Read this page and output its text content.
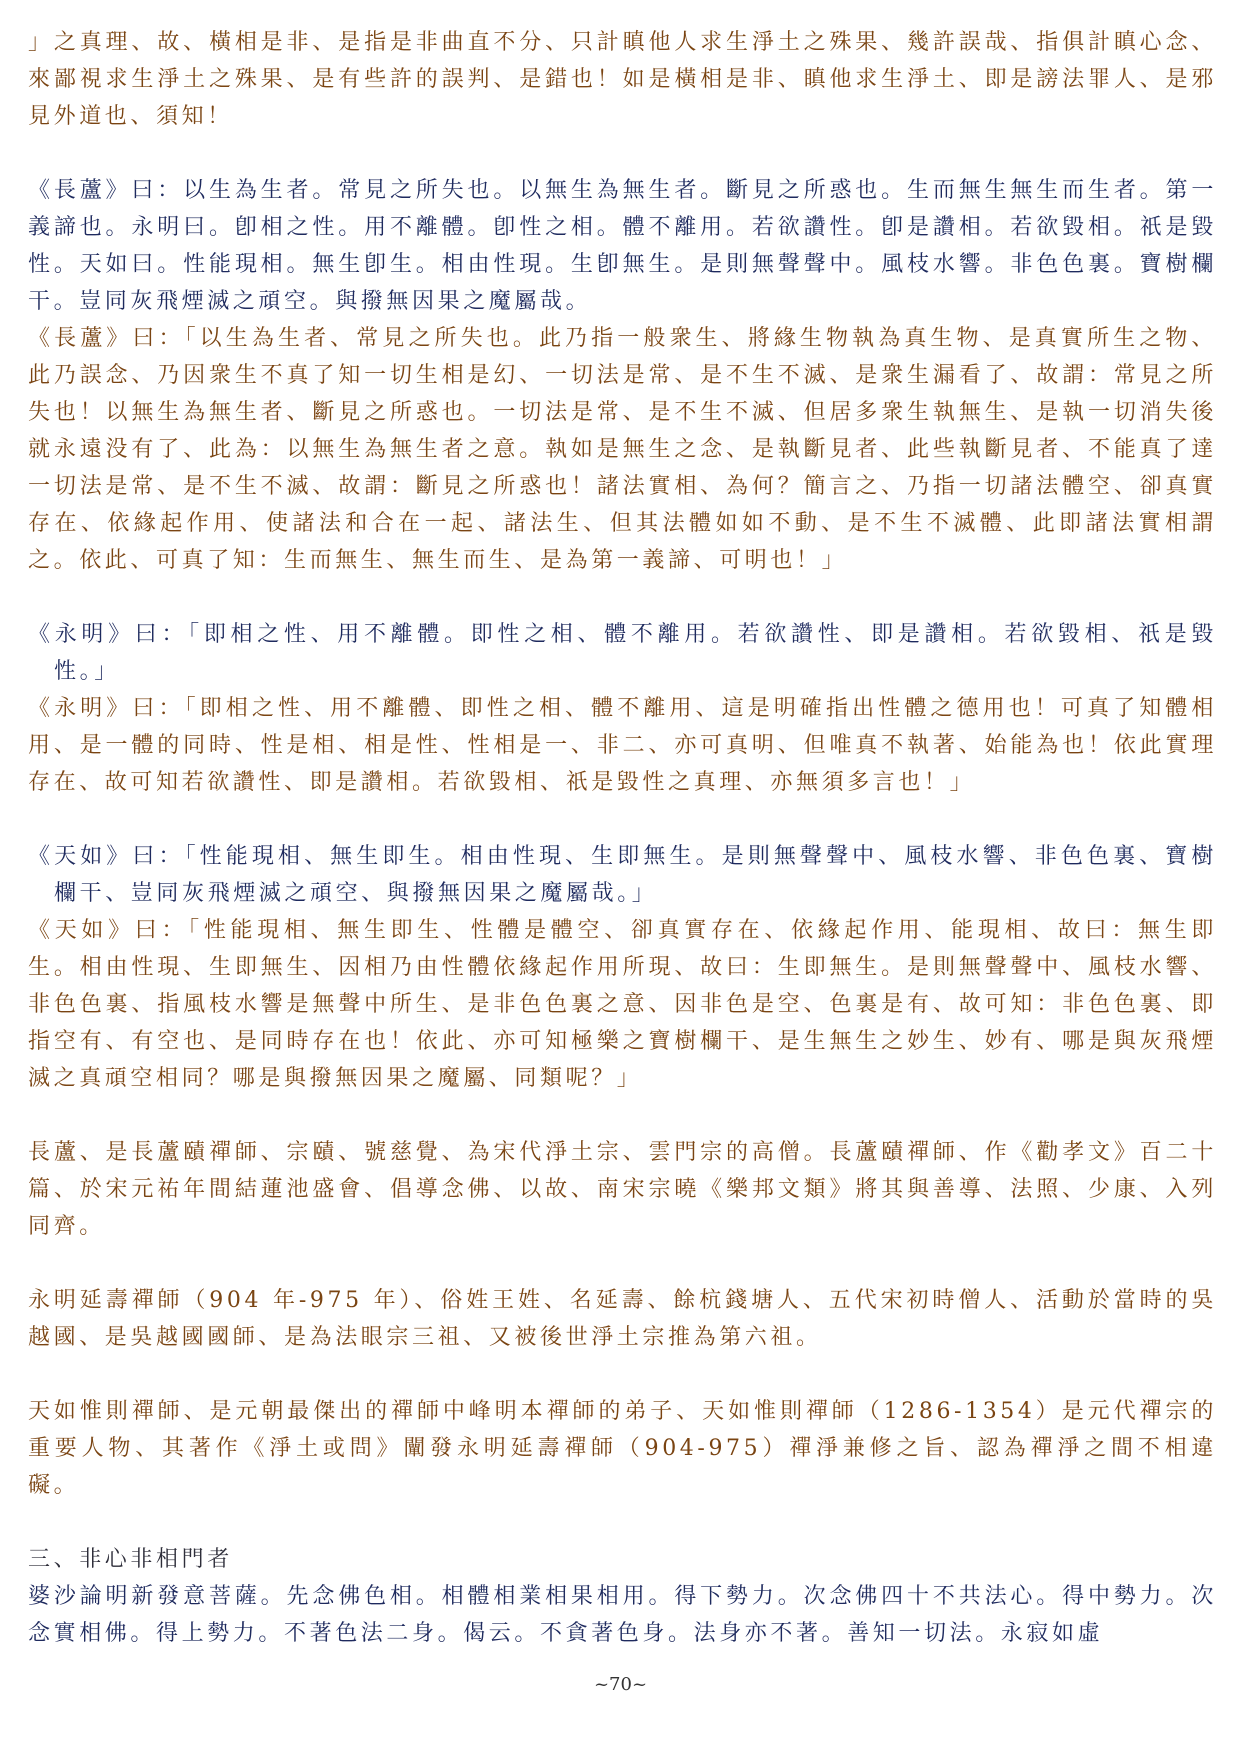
」之真理、故、橫相是非、是指是非曲直不分、只計瞋他人求生淨土之殊果、幾許誤哉、指俱計瞋心念、來鄙視求生淨土之殊果、是有些許的誤判、是錯也！如是橫相是非、瞋他求生淨土、即是謗法罪人、是邪見外道也、須知！

《長蘆》曰：以生為生者。常見之所失也。以無生為無生者。斷見之所惑也。生而無生無生而生者。第一義諦也。永明曰。卽相之性。用不離體。卽性之相。體不離用。若欲讚性。卽是讚相。若欲毀相。祇是毀性。天如曰。性能現相。無生卽生。相由性現。生卽無生。是則無聲聲中。風枝水響。非色色裏。寶樹欄干。豈同灰飛煙滅之頑空。與撥無因果之魔屬哉。

《長蘆》曰：「以生為生者、常見之所失也。此乃指一般衆生、將緣生物執為真生物、是真實所生之物、此乃誤念、乃因衆生不真了知一切生相是幻、一切法是常、是不生不滅、是衆生漏看了、故謂：常見之所失也！以無生為無生者、斷見之所惑也。一切法是常、是不生不滅、但居多衆生執無生、是執一切消失後就永遠没有了、此為：以無生為無生者之意。執如是無生之念、是執斷見者、此些執斷見者、不能真了達一切法是常、是不生不滅、故謂：斷見之所惑也！諸法實相、為何？簡言之、乃指一切諸法體空、卻真實存在、依緣起作用、使諸法和合在一起、諸法生、但其法體如如不動、是不生不滅體、此即諸法實相謂之。依此、可真了知：生而無生、無生而生、是為第一義諦、可明也！」

《永明》曰：「即相之性、用不離體。即性之相、體不離用。若欲讚性、即是讚相。若欲毀相、祇是毀性。」

《永明》曰：「即相之性、用不離體、即性之相、體不離用、這是明確指出性體之德用也！可真了知體相用、是一體的同時、性是相、相是性、性相是一、非二、亦可真明、但唯真不執著、始能為也！依此實理存在、故可知若欲讚性、即是讚相。若欲毀相、祇是毀性之真理、亦無須多言也！」

《天如》曰：「性能現相、無生即生。相由性現、生即無生。是則無聲聲中、風枝水響、非色色裏、寶樹欄干、豈同灰飛煙滅之頑空、與撥無因果之魔屬哉。」

《天如》曰：「性能現相、無生即生、性體是體空、卻真實存在、依緣起作用、能現相、故曰：無生即生。相由性現、生即無生、因相乃由性體依緣起作用所現、故曰：生即無生。是則無聲聲中、風枝水響、非色色裏、指風枝水響是無聲中所生、是非色色裏之意、因非色是空、色裏是有、故可知：非色色裏、即指空有、有空也、是同時存在也！依此、亦可知極樂之寶樹欄干、是生無生之妙生、妙有、哪是與灰飛煙滅之真頑空相同？哪是與撥無因果之魔屬、同類呢？」

長蘆、是長蘆賾禪師、宗賾、號慈覺、為宋代淨土宗、雲門宗的高僧。長蘆賾禪師、作《勸孝文》百二十篇、於宋元祐年間結蓮池盛會、倡導念佛、以故、南宋宗曉《樂邦文類》將其與善導、法照、少康、入列同齊。

永明延壽禪師（904 年-975 年）、俗姓王姓、名延壽、餘杭錢塘人、五代宋初時僧人、活動於當時的吳越國、是吳越國國師、是為法眼宗三祖、又被後世淨土宗推為第六祖。

天如惟則禪師、是元朝最傑出的禪師中峰明本禪師的弟子、天如惟則禪師（1286-1354）是元代禪宗的重要人物、其著作《淨土或問》闡發永明延壽禪師（904-975）禪淨兼修之旨、認為禪淨之間不相違礙。

三、非心非相門者

婆沙論明新發意菩薩。先念佛色相。相體相業相果相用。得下勢力。次念佛四十不共法心。得中勢力。次念實相佛。得上勢力。不著色法二身。偈云。不貪著色身。法身亦不著。善知一切法。永寂如虛

~70~
